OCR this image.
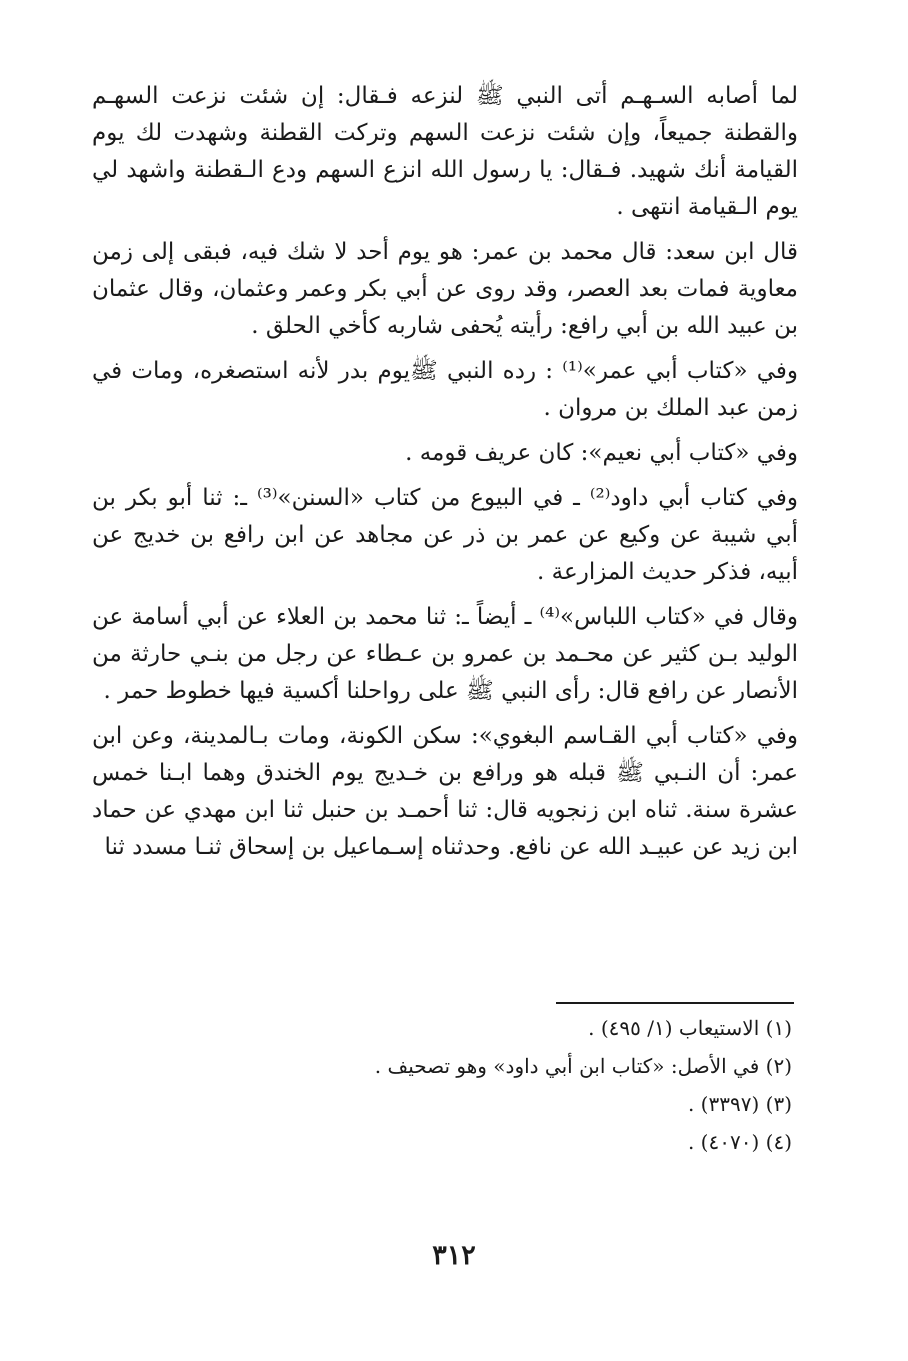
لما أصابه السـهـم أتى النبي ﷺ لنزعه فـقال: إن شئت نزعت السهـم والقطنة جميعاً، وإن شئت نزعت السهم وتركت القطنة وشهدت لك يوم القيامة أنك شهيد. فـقال: يا رسول الله انزع السهم ودع الـقطنة واشهد لي يوم الـقيامة انتهى .

قال ابن سعد: قال محمد بن عمر: هو يوم أحد لا شك فيه، فبقى إلى زمن معاوية فمات بعد العصر، وقد روى عن أبي بكر وعمر وعثمان، وقال عثمان بن عبيد الله بن أبي رافع: رأيته يُحفى شاربه كأخي الحلق .

وفي «كتاب أبي عمر»⁽¹⁾ : رده النبي ﷺيوم بدر لأنه استصغره، ومات في زمن عبد الملك بن مروان .

وفي «كتاب أبي نعيم»: كان عريف قومه .

وفي كتاب أبي داود⁽²⁾ ـ في البيوع من كتاب «السنن»⁽³⁾ ـ: ثنا أبو بكر بن أبي شيبة عن وكيع عن عمر بن ذر عن مجاهد عن ابن رافع بن خديج عن أبيه، فذكر حديث المزارعة .

وقال في «كتاب اللباس»⁽⁴⁾ ـ أيضاً ـ: ثنا محمد بن العلاء عن أبي أسامة عن الوليد بـن كثير عن محـمد بن عمرو بن عـطاء عن رجل من بنـي حارثة من الأنصار عن رافع قال: رأى النبي ﷺ على رواحلنا أكسية فيها خطوط حمر .

وفي «كتاب أبي القـاسم البغوي»: سكن الكونة، ومات بـالمدينة، وعن ابن عمر: أن النـبي ﷺ قبله هو ورافع بن خـديج يوم الخندق وهما ابـنا خمس عشرة سنة. ثناه ابن زنجويه قال: ثنا أحمـد بن حنبل ثنا ابن مهدي عن حماد ابن زيد عن عبيـد الله عن نافع. وحدثناه إسـماعيل بن إسحاق ثنـا مسدد ثنا

(١) الاستيعاب (١/ ٤٩٥) .

(٢) في الأصل: «كتاب ابن أبي داود» وهو تصحيف .

(٣) (٣٣٩٧) .

(٤) (٤٠٧٠) .

٣١٢
